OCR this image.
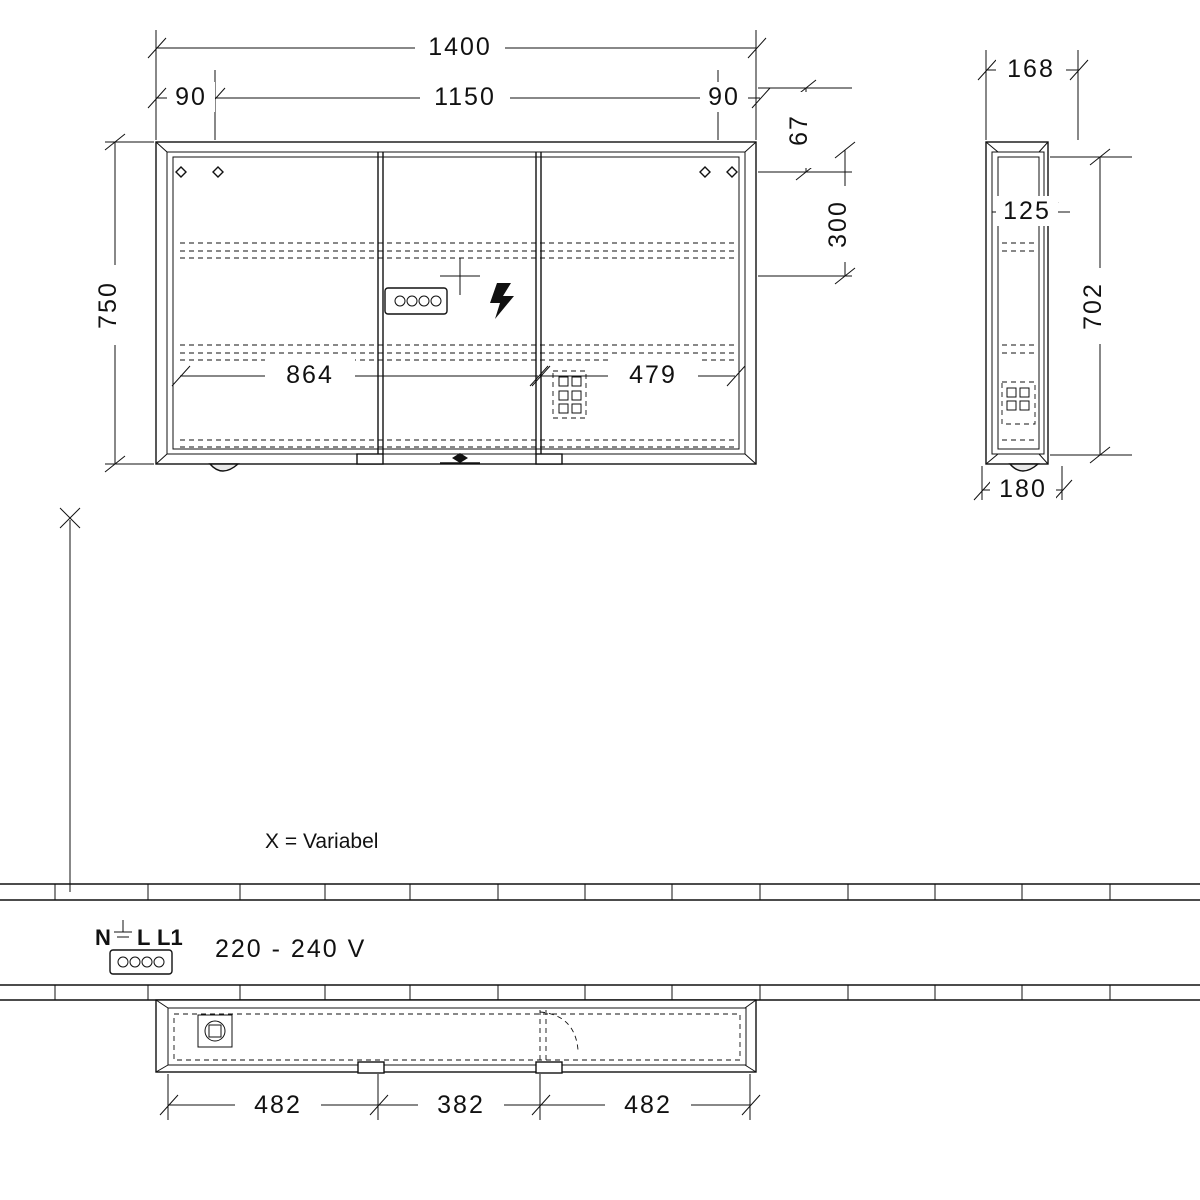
1400
1150
90	90
67
300
750
864	479
168
125
702
180
X = Variabel
N L L1 220 - 240 V
482	382	482
